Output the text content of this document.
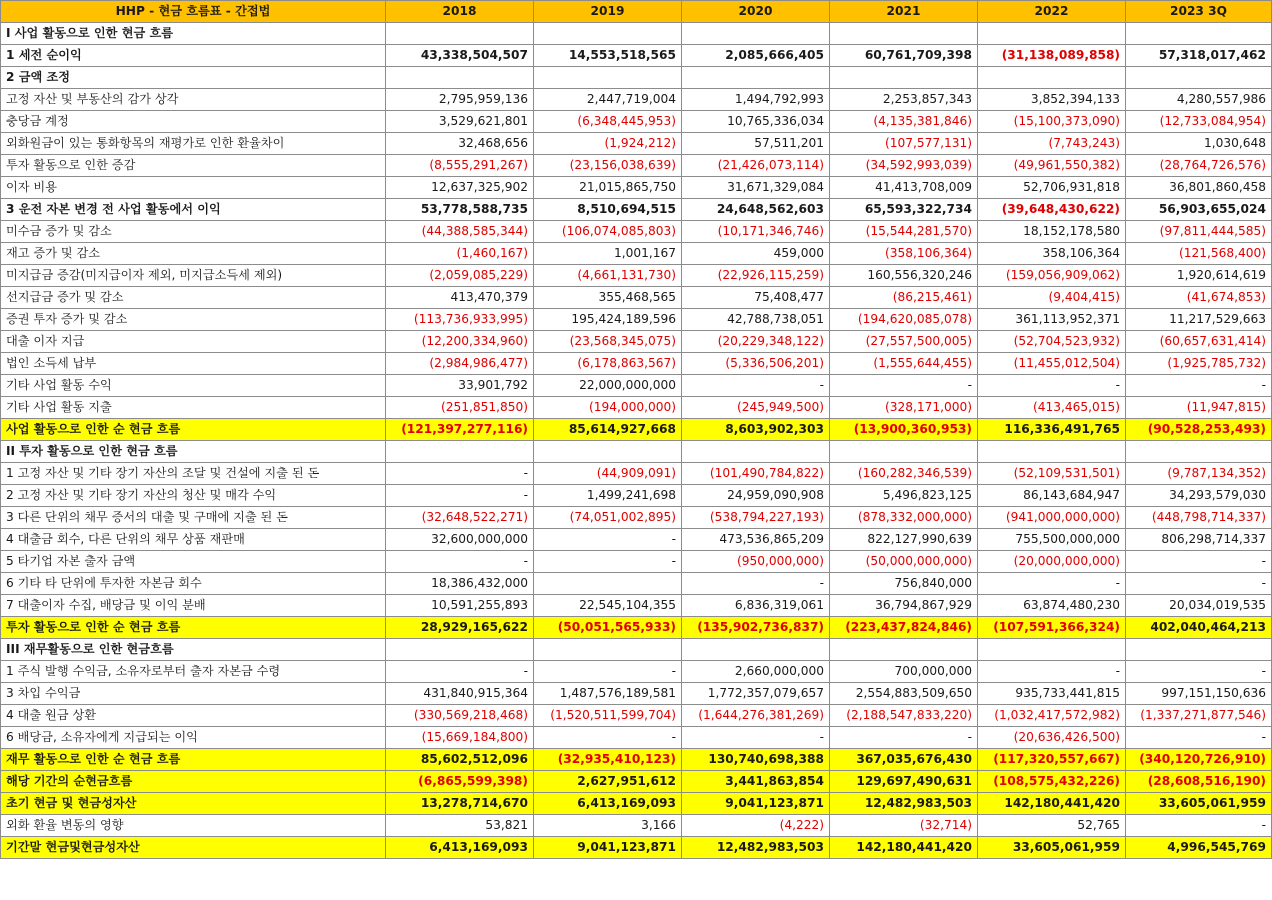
HHP - 현금 흐름표 - 간접법	2018	2019	2020	2021	2022	2023 3Q
I 사업 활동으로 인한 현금 흐름						
1 세전 순이익	43,338,504,507	14,553,518,565	2,085,666,405	60,761,709,398	(31,138,089,858)	57,318,017,462
2 금액 조정						
고정 자산 및 부동산의 감가 상각	2,795,959,136	2,447,719,004	1,494,792,993	2,253,857,343	3,852,394,133	4,280,557,986
충당금 계정	3,529,621,801	(6,348,445,953)	10,765,336,034	(4,135,381,846)	(15,100,373,090)	(12,733,084,954)
외화원금이 있는 통화항목의 재평가로 인한 환율차이	32,468,656	(1,924,212)	57,511,201	(107,577,131)	(7,743,243)	1,030,648
투자 활동으로 인한 증감	(8,555,291,267)	(23,156,038,639)	(21,426,073,114)	(34,592,993,039)	(49,961,550,382)	(28,764,726,576)
이자 비용	12,637,325,902	21,015,865,750	31,671,329,084	41,413,708,009	52,706,931,818	36,801,860,458
3 운전 자본 변경 전 사업 활동에서 이익	53,778,588,735	8,510,694,515	24,648,562,603	65,593,322,734	(39,648,430,622)	56,903,655,024
미수금 증가 및 감소	(44,388,585,344)	(106,074,085,803)	(10,171,346,746)	(15,544,281,570)	18,152,178,580	(97,811,444,585)
재고 증가 및 감소	(1,460,167)	1,001,167	459,000	(358,106,364)	358,106,364	(121,568,400)
미지급금 증감(미지급이자 제외, 미지급소득세 제외)	(2,059,085,229)	(4,661,131,730)	(22,926,115,259)	160,556,320,246	(159,056,909,062)	1,920,614,619
선지급금 증가 및 감소	413,470,379	355,468,565	75,408,477	(86,215,461)	(9,404,415)	(41,674,853)
증권 투자 증가 및 감소	(113,736,933,995)	195,424,189,596	42,788,738,051	(194,620,085,078)	361,113,952,371	11,217,529,663
대출 이자 지급	(12,200,334,960)	(23,568,345,075)	(20,229,348,122)	(27,557,500,005)	(52,704,523,932)	(60,657,631,414)
법인 소득세 납부	(2,984,986,477)	(6,178,863,567)	(5,336,506,201)	(1,555,644,455)	(11,455,012,504)	(1,925,785,732)
기타 사업 활동 수익	33,901,792	22,000,000,000	-	-	-	-
기타 사업 활동 지출	(251,851,850)	(194,000,000)	(245,949,500)	(328,171,000)	(413,465,015)	(11,947,815)
사업 활동으로 인한 순 현금 흐름	(121,397,277,116)	85,614,927,668	8,603,902,303	(13,900,360,953)	116,336,491,765	(90,528,253,493)
II 투자 활동으로 인한 현금 흐름						
1 고정 자산 및 기타 장기 자산의 조달 및 건설에 지출 된 돈	-	(44,909,091)	(101,490,784,822)	(160,282,346,539)	(52,109,531,501)	(9,787,134,352)
2 고정 자산 및 기타 장기 자산의 청산 및 매각 수익	-	1,499,241,698	24,959,090,908	5,496,823,125	86,143,684,947	34,293,579,030
3 다른 단위의 채무 증서의 대출 및 구매에 지출 된 돈	(32,648,522,271)	(74,051,002,895)	(538,794,227,193)	(878,332,000,000)	(941,000,000,000)	(448,798,714,337)
4 대출금 회수, 다른 단위의 채무 상품 재판매	32,600,000,000	-	473,536,865,209	822,127,990,639	755,500,000,000	806,298,714,337
5 타기업 자본 출자 금액	-	-	(950,000,000)	(50,000,000,000)	(20,000,000,000)	-
6 기타 타 단위에 투자한 자본금 회수	18,386,432,000		-	756,840,000	-	-
7 대출이자 수집, 배당금 및 이익 분배	10,591,255,893	22,545,104,355	6,836,319,061	36,794,867,929	63,874,480,230	20,034,019,535
투자 활동으로 인한 순 현금 흐름	28,929,165,622	(50,051,565,933)	(135,902,736,837)	(223,437,824,846)	(107,591,366,324)	402,040,464,213
III 재무활동으로 인한 현금흐름						
1 주식 발행 수익금, 소유자로부터 출자 자본금 수령	-	-	2,660,000,000	700,000,000	-	-
3 차입 수익금	431,840,915,364	1,487,576,189,581	1,772,357,079,657	2,554,883,509,650	935,733,441,815	997,151,150,636
4 대출 원금 상환	(330,569,218,468)	(1,520,511,599,704)	(1,644,276,381,269)	(2,188,547,833,220)	(1,032,417,572,982)	(1,337,271,877,546)
6 배당금, 소유자에게 지급되는 이익	(15,669,184,800)	-	-	-	(20,636,426,500)	-
재무 활동으로 인한 순 현금 흐름	85,602,512,096	(32,935,410,123)	130,740,698,388	367,035,676,430	(117,320,557,667)	(340,120,726,910)
해당 기간의 순현금흐름	(6,865,599,398)	2,627,951,612	3,441,863,854	129,697,490,631	(108,575,432,226)	(28,608,516,190)
초기 현금 및 현금성자산	13,278,714,670	6,413,169,093	9,041,123,871	12,482,983,503	142,180,441,420	33,605,061,959
외화 환율 변동의 영향	53,821	3,166	(4,222)	(32,714)	52,765	-
기간말 현금및현금성자산	6,413,169,093	9,041,123,871	12,482,983,503	142,180,441,420	33,605,061,959	4,996,545,769
